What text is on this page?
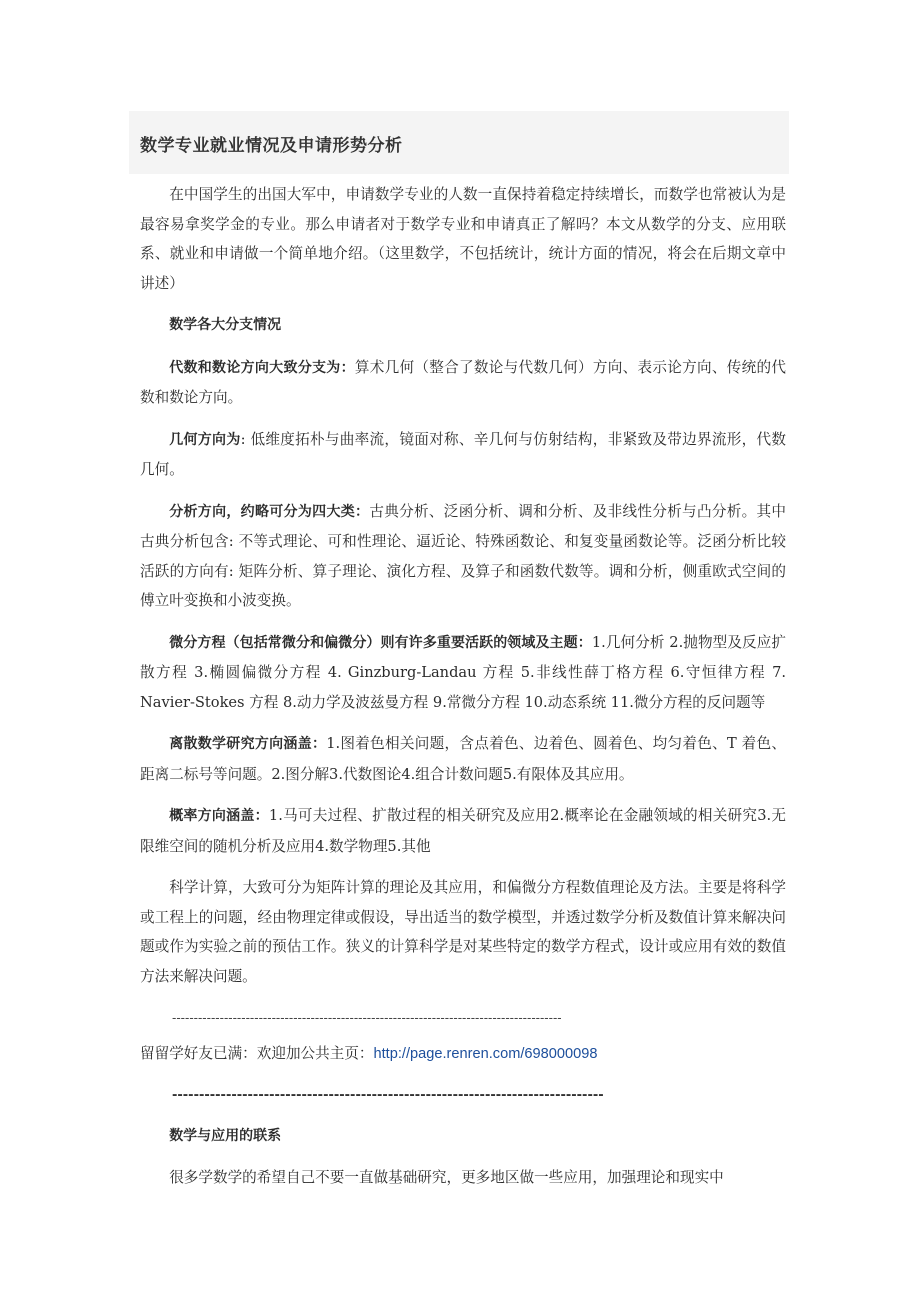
数学专业就业情况及申请形势分析

在中国学生的出国大军中，申请数学专业的人数一直保持着稳定持续增长，而数学也常被认为是最容易拿奖学金的专业。那么申请者对于数学专业和申请真正了解吗？本文从数学的分支、应用联系、就业和申请做一个简单地介绍。（这里数学，不包括统计，统计方面的情况，将会在后期文章中讲述）

数学各大分支情况

代数和数论方向大致分支为：算术几何（整合了数论与代数几何）方向、表示论方向、传统的代数和数论方向。

几何方向为: 低维度拓朴与曲率流，镜面对称、辛几何与仿射结构，非紧致及带边界流形，代数几何。

分析方向，约略可分为四大类：古典分析、泛函分析、调和分析、及非线性分析与凸分析。其中古典分析包含: 不等式理论、可和性理论、逼近论、特殊函数论、和复变量函数论等。泛函分析比较活跃的方向有: 矩阵分析、算子理论、演化方程、及算子和函数代数等。调和分析，侧重欧式空间的傅立叶变换和小波变换。

微分方程（包括常微分和偏微分）则有许多重要活跃的领域及主题：1.几何分析 2.抛物型及反应扩散方程 3.椭圆偏微分方程 4. Ginzburg-Landau 方程 5.非线性薛丁格方程 6.守恒律方程 7. Navier-Stokes 方程 8.动力学及波兹曼方程 9.常微分方程 10.动态系统 11.微分方程的反问题等

离散数学研究方向涵盖：1.图着色相关问题，含点着色、边着色、圆着色、均匀着色、T 着色、距离二标号等问题。2.图分解3.代数图论4.组合计数问题5.有限体及其应用。

概率方向涵盖：1.马可夫过程、扩散过程的相关研究及应用2.概率论在金融领域的相关研究3.无限维空间的随机分析及应用4.数学物理5.其他

科学计算，大致可分为矩阵计算的理论及其应用，和偏微分方程数值理论及方法。主要是将科学或工程上的问题，经由物理定律或假设，导出适当的数学模型，并透过数学分析及数值计算来解决问题或作为实验之前的预估工作。狭义的计算科学是对某些特定的数学方程式，设计或应用有效的数值方法来解决问题。

------------------------------------------------------------------------------------------

留留学好友已满：欢迎加公共主页：http://page.renren.com/698000098

--------------------------------------------------------------------------------

数学与应用的联系

很多学数学的希望自己不要一直做基础研究，更多地区做一些应用，加强理论和现实中
